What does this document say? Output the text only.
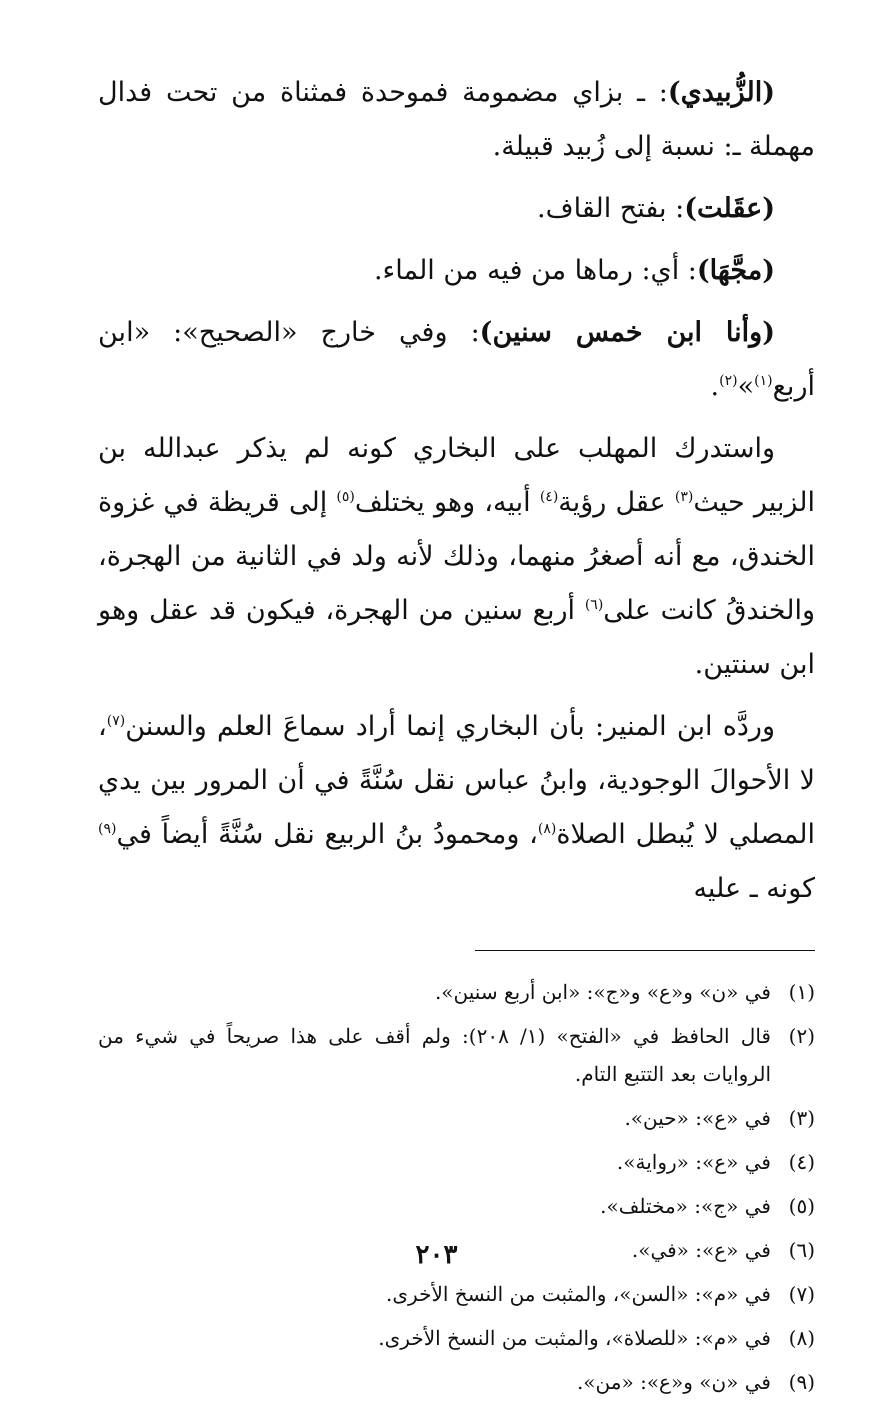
(الزُّبيدي): ـ بزاي مضمومة فموحدة فمثناة من تحت فدال مهملة ـ: نسبة إلى زُبيد قبيلة.

(عقَلت): بفتح القاف.

(مجَّهَا): أي: رماها من فيه من الماء.

(وأنا ابن خمس سنين): وفي خارج «الصحيح»: «ابن أربع$^{(١)}$»$^{(٢)}$.

واستدرك المهلب على البخاري كونه لم يذكر عبدالله بن الزبير حيث$^{(٣)}$ عقل رؤية$^{(٤)}$ أبيه، وهو يختلف$^{(٥)}$ إلى قريظة في غزوة الخندق، مع أنه أصغرُ منهما، وذلك لأنه ولد في الثانية من الهجرة، والخندقُ كانت على$^{(٦)}$ أربع سنين من الهجرة، فيكون قد عقل وهو ابن سنتين.

وردَّه ابن المنير: بأن البخاري إنما أراد سماعَ العلم والسنن$^{(٧)}$، لا الأحوالَ الوجودية، وابنُ عباس نقل سُنَّةً في أن المرور بين يدي المصلي لا يُبطل الصلاة$^{(٨)}$، ومحمودُ بنُ الربيع نقل سُنَّةً أيضاً في$^{(٩)}$ كونه ـ عليه

(١)
في «ن» و«ع» و«ج»: «ابن أربع سنين».
(٢)
قال الحافظ في «الفتح» (١/ ٢٠٨): ولم أقف على هذا صريحاً في شيء من الروايات بعد التتبع التام.
(٣)
في «ع»: «حين».
(٤)
في «ع»: «رواية».
(٥)
في «ج»: «مختلف».
(٦)
في «ع»: «في».
(٧)
في «م»: «السن»، والمثبت من النسخ الأخرى.
(٨)
في «م»: «للصلاة»، والمثبت من النسخ الأخرى.
(٩)
في «ن» و«ع»: «من».
٢٠٣
